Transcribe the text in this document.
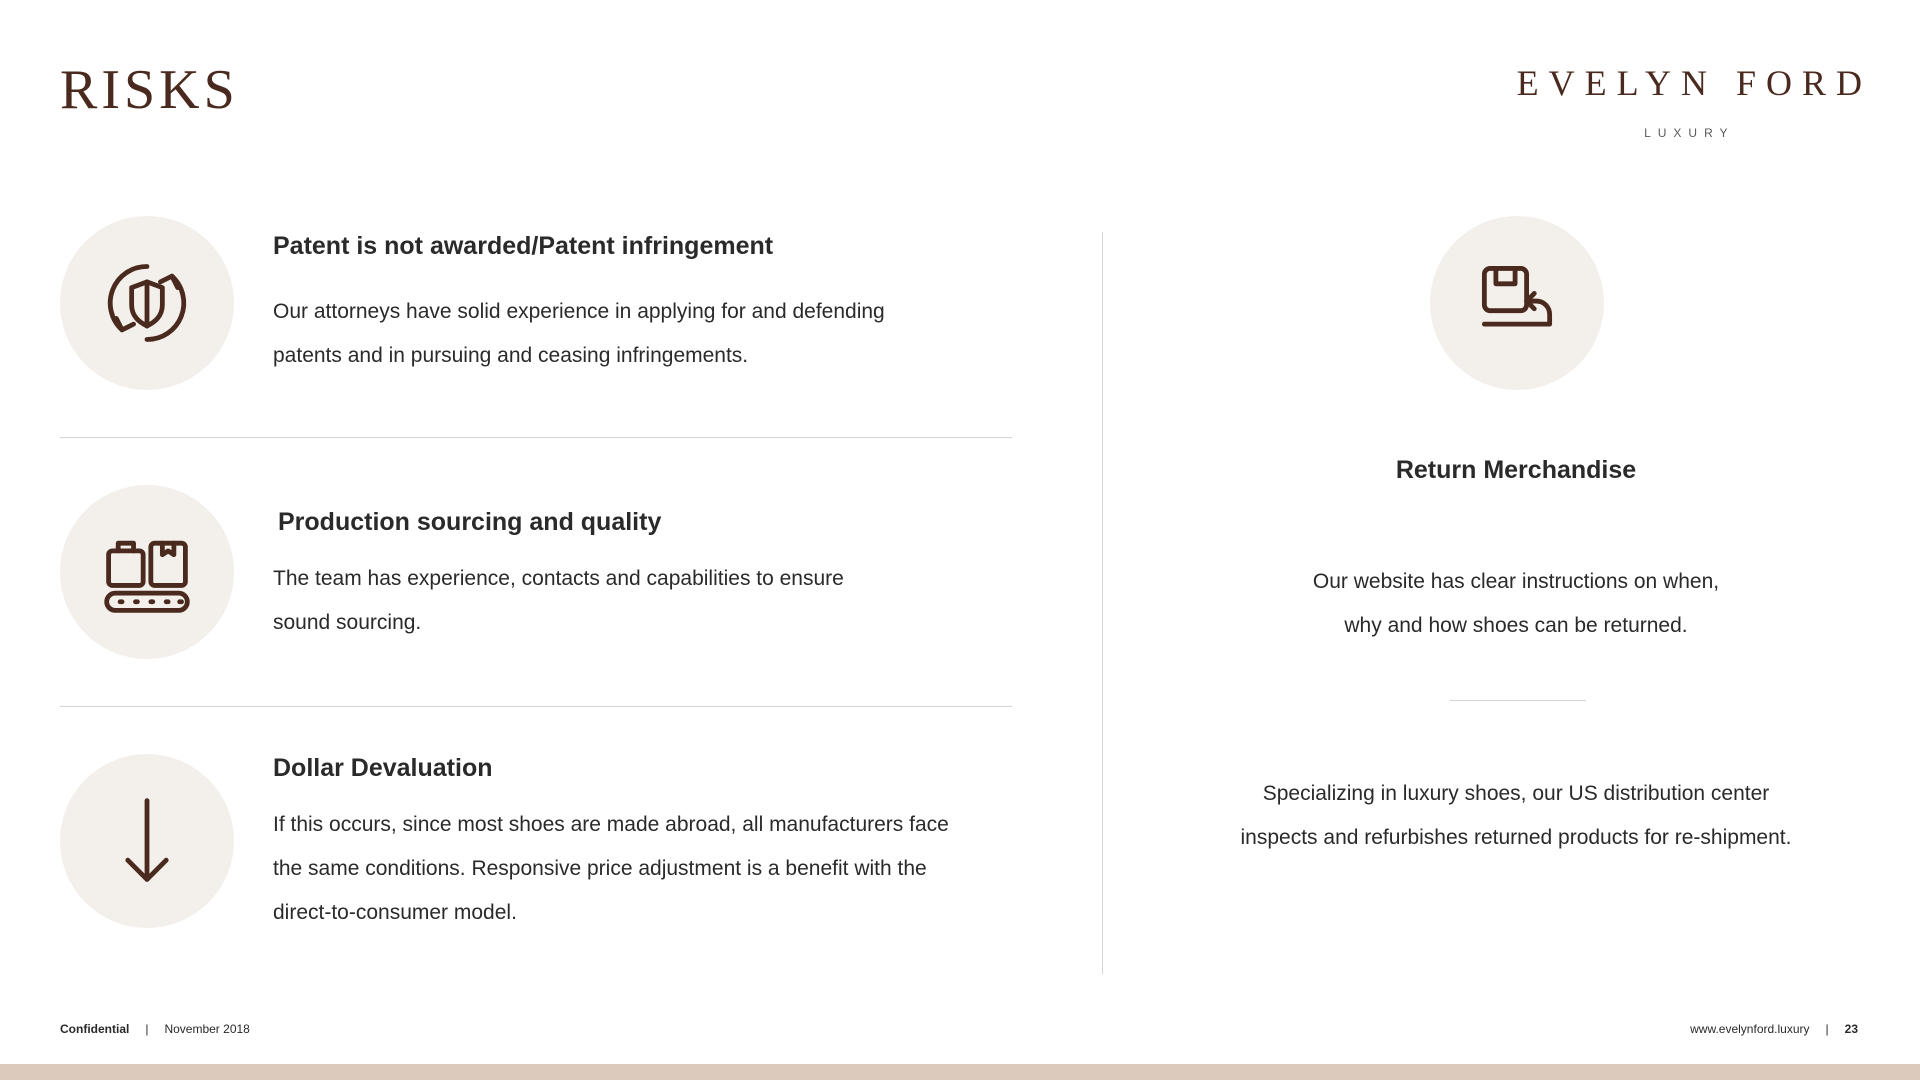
RISKS	EVELYN FORD
LUXURY
Patent is not awarded/Patent infringement
Our attorneys have solid experience in applying for and defending
patents and in pursuing and ceasing infringements.
Production sourcing and quality
The team has experience, contacts and capabilities to ensure
sound sourcing.
Dollar Devaluation
If this occurs, since most shoes are made abroad, all manufacturers face
the same conditions. Responsive price adjustment is a benefit with the
direct-to-consumer model.
Return Merchandise
Our website has clear instructions on when,
why and how shoes can be returned.
Specializing in luxury shoes, our US distribution center
inspects and refurbishes returned products for re-shipment.
Confidential | November 2018	www.evelynford.luxury | 23
